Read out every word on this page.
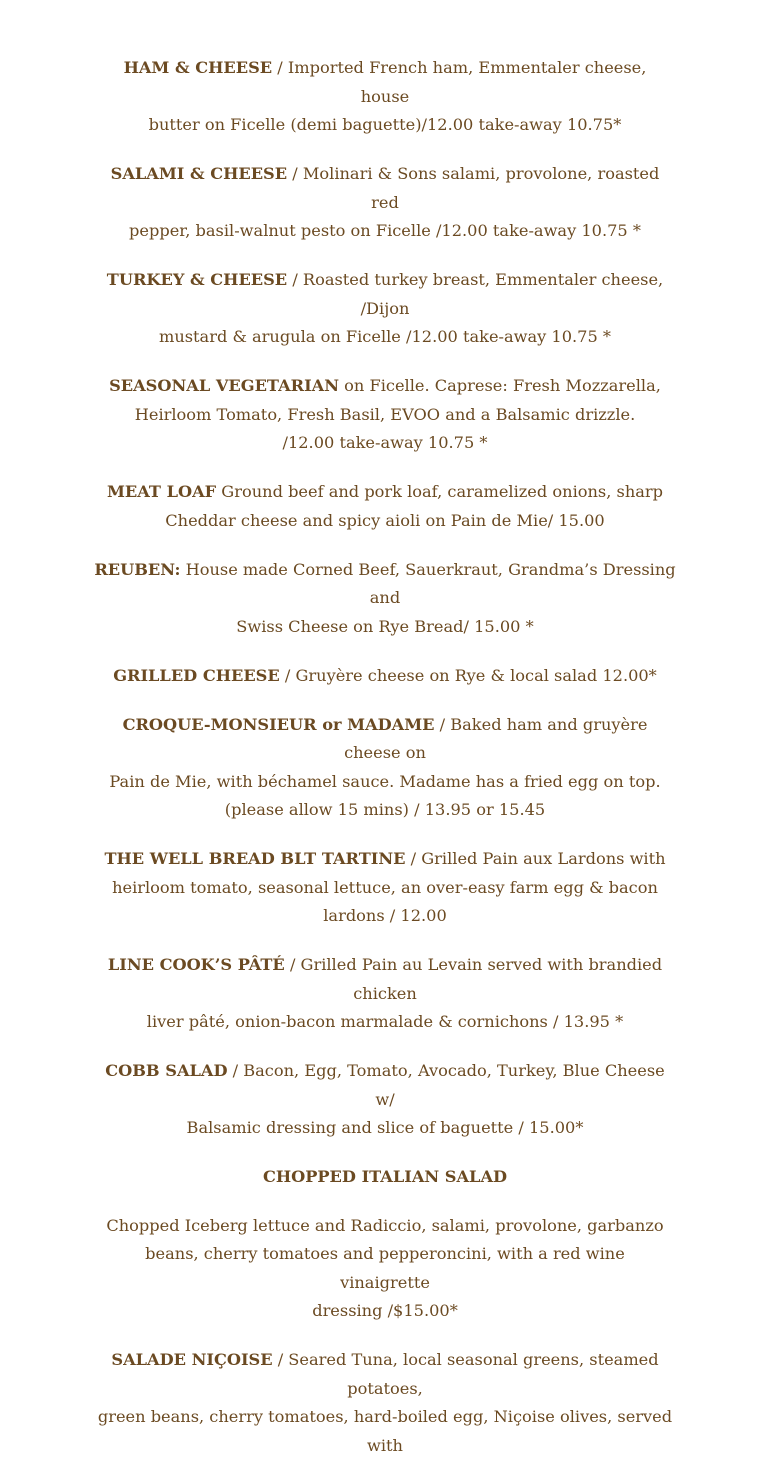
HAM & CHEESE / Imported French ham, Emmentaler cheese, house
butter on Ficelle (demi baguette)/12.00 take-away 10.75*

SALAMI & CHEESE / Molinari & Sons salami, provolone, roasted red
pepper, basil-walnut pesto on Ficelle /12.00 take-away 10.75 *

TURKEY & CHEESE / Roasted turkey breast, Emmentaler cheese, /Dijon
mustard & arugula on Ficelle /12.00 take-away 10.75 *

SEASONAL VEGETARIAN on Ficelle. Caprese: Fresh Mozzarella,
Heirloom Tomato, Fresh Basil, EVOO and a Balsamic drizzle.
/12.00 take-away 10.75 *

MEAT LOAF Ground beef and pork loaf, caramelized onions, sharp
Cheddar cheese and spicy aioli on Pain de Mie/ 15.00

REUBEN: House made Corned Beef, Sauerkraut, Grandma’s Dressing and
Swiss Cheese on Rye Bread/ 15.00 *

GRILLED CHEESE / Gruyère cheese on Rye & local salad 12.00*

CROQUE-MONSIEUR or MADAME / Baked ham and gruyère cheese on
Pain de Mie, with béchamel sauce. Madame has a fried egg on top.
(please allow 15 mins) / 13.95 or 15.45

THE WELL BREAD BLT TARTINE / Grilled Pain aux Lardons with
heirloom tomato, seasonal lettuce, an over-easy farm egg & bacon
lardons / 12.00

LINE COOK’S PÂTÉ / Grilled Pain au Levain served with brandied chicken
liver pâté, onion-bacon marmalade & cornichons / 13.95 *

COBB SALAD / Bacon, Egg, Tomato, Avocado, Turkey, Blue Cheese w/
Balsamic dressing and slice of baguette / 15.00*

CHOPPED ITALIAN SALAD

Chopped Iceberg lettuce and Radiccio, salami, provolone, garbanzo
beans, cherry tomatoes and pepperoncini, with a red wine vinaigrette
dressing /$15.00*

SALADE NIÇOISE / Seared Tuna, local seasonal greens, steamed potatoes,
green beans, cherry tomatoes, hard-boiled egg, Niçoise olives, served with
